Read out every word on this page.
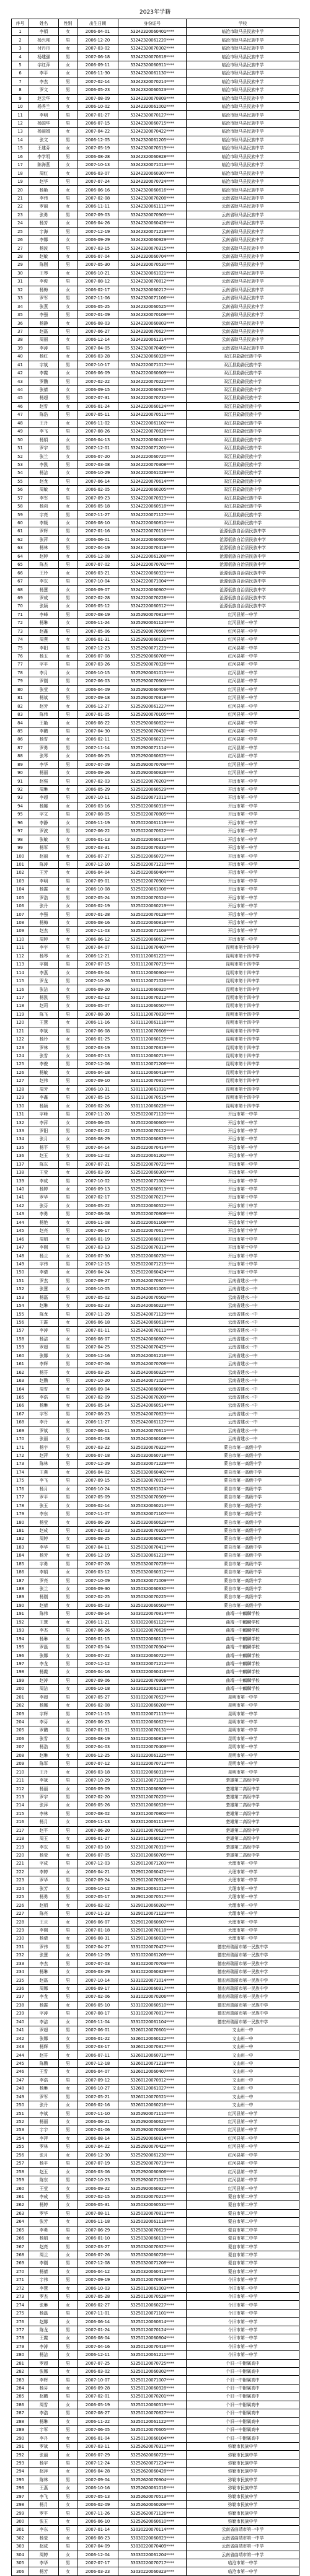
2023年学籍
序号	姓名	性别	出生日期	身份证号	学校
1	李娟	女	2006-04-01	53242320060401****	临沧市耿马县民族中学
2	杨兴邦	男	2006-12-20	53242320061220****	临沧市耿马县民族中学
3	付丹丹	女	2007-03-02	53242320070302****	临沧市耿马县民族中学
4	杨建强	男	2007-06-18	53242320070618****	临沧市耿马县民族中学
5	字红萍	女	2006-09-11	53242320060911****	临沧市耿马县民族中学
6	李平	女	2006-11-30	53242320061130****	临沧市耿马县民族中学
7	李杰	男	2007-02-14	53242320070214****	临沧市耿马县民族中学
8	罗文	男	2006-05-23	53242320060523****	临沧市耿马县民族中学
9	赵云华	女	2007-08-09	53242320070809****	临沧市耿马县民族中学
10	杨秀兰	女	2006-10-02	53242320061002****	临沧市耿马县民族中学
11	李明	男	2007-01-27	53242320070127****	临沧市耿马县民族中学
12	杨国华	男	2006-07-15	53242320060715****	临沧市耿马县民族中学
13	杨丽娟	女	2007-04-22	53242320070422****	临沧市耿马县民族中学
14	张文	男	2006-12-05	53242320061205****	临沧市耿马县民族中学
15	王建芬	女	2007-05-19	53242320070519****	临沧市耿马县民族中学
16	李学明	男	2006-08-28	53242320060828****	临沧市耿马县民族中学
17	陈海燕	女	2007-10-13	53242320071013****	临沧市耿马县民族中学
18	周红	女	2006-03-07	53242320060307****	临沧市耿马县民族中学
19	赵华	男	2007-07-24	53242320070724****	临沧市耿马县民族中学
20	杨艳	女	2006-06-16	53242320060616****	临沧市耿马县民族中学
21	李伟	男	2007-02-08	53242320070208****	云南省耿马县民族中学
22	罗丽	女	2006-11-11	53242320061111****	云南省耿马县民族中学
23	张勇	男	2007-09-03	53242320070903****	云南省耿马县民族中学
24	杨芳	女	2006-04-26	53242320060426****	云南省耿马县民族中学
25	字海	男	2007-12-19	53242320071219****	云南省耿马县民族中学
26	李娜	女	2006-09-29	53242320060929****	云南省耿马县民族中学
27	杨波	男	2007-03-15	53242320070315****	云南省耿马县民族中学
28	赵敏	女	2006-07-04	53242320060704****	云南省耿马县民族中学
29	陈刚	男	2007-05-30	53242320070530****	云南省耿马县民族中学
30	王琴	女	2006-10-21	53242320061021****	云南省耿马县民族中学
31	李俊	男	2007-08-12	53242320070812****	云南省耿马县民族中学
32	杨梅	女	2006-02-17	53242320060217****	云南省耿马县民族中学
33	罗军	男	2007-11-06	53242320071106****	云南省耿马县民族中学
34	张燕	女	2006-05-25	53242320060525****	云南省耿马县民族中学
35	李强	男	2007-01-09	53242320070109****	云南省耿马县民族中学
36	杨静	女	2006-08-03	53242320060803****	云南省耿马县民族中学
37	赵磊	男	2007-06-27	53242320070627****	云南省耿马县民族中学
38	周丽	女	2006-12-14	53242320061214****	云南省耿马县民族中学
39	李涛	男	2007-04-05	53242320070405****	云南省耿马县民族中学
40	杨红	女	2006-03-28	53242320060328****	双江县勐勐民族中学
41	字斌	男	2007-10-17	53242220071017****	双江县勐勐民族中学
42	李霞	女	2006-06-09	53242220060609****	双江县勐勐民族中学
43	罗鹏	男	2007-02-22	53242220070222****	双江县勐勐民族中学
44	张倩	女	2006-09-15	53242220060915****	双江县勐勐民族中学
45	杨超	男	2007-07-31	53242220070731****	双江县勐勐民族中学
46	赵雪	女	2006-01-24	53242220060124****	双江县勐勐民族中学
47	陈浩	男	2007-05-11	53242220070511****	双江县勐勐民族中学
48	王丹	女	2006-11-02	53242220061102****	双江县勐勐民族中学
49	李飞	男	2007-08-26	53242220070826****	双江县勐勐民族中学
50	杨娟	女	2006-04-13	53242220060413****	双江县勐勐民族中学
51	罗宇	男	2007-12-01	53242220071201****	双江县勐勐民族中学
52	张兰	女	2006-07-20	53242220060720****	双江县勐勐民族中学
53	李凯	男	2007-03-08	53242220070308****	双江县勐勐民族中学
54	杨洁	女	2006-10-29	53242220061029****	双江县勐勐民族中学
55	赵龙	男	2007-06-14	53242220070614****	双江县勐勐民族中学
56	周敏	女	2006-02-05	53242220060205****	双江县勐勐民族中学
57	李军	男	2007-09-23	53242220070923****	双江县勐勐民族中学
58	杨莉	女	2006-05-18	53242220060518****	双江县勐勐民族中学
59	字亮	男	2007-11-27	53242220071127****	双江县勐勐民族中学
60	李媛	女	2006-08-10	53242220060810****	双江县勐勐民族中学
61	罗辉	男	2007-01-16	53242220070116****	沧源佤族自治县民族中学
62	张萍	女	2006-06-01	53242220060601****	沧源佤族自治县民族中学
63	杨林	男	2007-04-19	53242220070419****	沧源佤族自治县民族中学
64	赵婷	女	2006-12-08	53242220061208****	沧源佤族自治县民族中学
65	陈杰	男	2007-07-02	53242220070702****	沧源佤族自治县民族中学
66	王玲	女	2006-03-21	53242220060321****	沧源佤族自治县民族中学
67	李东	男	2007-10-04	53242220071004****	沧源佤族自治县民族中学
68	杨慧	女	2006-09-07	53242220060907****	沧源佤族自治县民族中学
69	罗成	男	2007-02-28	53242220070228****	沧源佤族自治县民族中学
70	张颖	女	2006-05-12	53242220060512****	沧源佤族自治县民族中学
71	李峰	男	2007-08-19	53252920070819****	红河县第一中学
72	杨琳	女	2006-11-24	53252920061124****	红河县第一中学
73	赵鑫	男	2007-05-06	53252920070506****	红河县第一中学
74	周燕	女	2006-01-31	53252920060131****	红河县第一中学
75	李阳	男	2007-12-23	53252920071223****	红河县第一中学
76	杨玉	女	2006-07-08	53252920060708****	红河县第一中学
77	字平	男	2007-03-26	53252920070326****	红河县第一中学
78	李月	女	2006-10-15	53252920061015****	红河县第一中学
79	罗刚	男	2007-06-03	53252920070603****	红河县第一中学
80	张莹	女	2006-04-09	53252920060409****	红河县第一中学
81	杨斌	男	2007-09-18	53252920070918****	红河县第一中学
82	赵芳	女	2006-12-27	53252920061227****	红河县第一中学
83	陈伟	男	2007-01-05	53252920070105****	红河县第一中学
84	王艳	女	2006-08-22	53252920060822****	红河县第一中学
85	李鹏	男	2007-04-30	53252920070430****	红河县第一中学
86	杨雪	女	2006-02-11	53252920060211****	红河县第一中学
87	罗勇	男	2007-11-14	53252920071114****	红河县第一中学
88	张琴	女	2006-06-25	53252920060625****	红河县第一中学
89	李华	男	2007-07-09	53252920070709****	红河县第一中学
90	杨丽	女	2006-09-26	53252920060926****	红河县第一中学
91	赵强	男	2007-02-03	53250220070203****	开远市第一中学
92	周琳	女	2006-05-29	53250220060529****	开远市第一中学
93	李超	男	2007-10-11	53250220071011****	开远市第一中学
94	杨娜	女	2006-03-16	53250220060316****	开远市第一中学
95	字文	男	2007-08-05	53250220070805****	开远市第一中学
96	李静	女	2006-11-19	53250220061119****	开远市第一中学
97	罗波	男	2007-06-22	53250220070622****	开远市第一中学
98	张敏	女	2006-01-13	53250220060113****	开远市第一中学
99	杨军	男	2007-03-31	53250220070331****	开远市第一中学
100	赵丽	女	2006-07-27	53250220060727****	开远市第一中学
101	陈涛	男	2007-12-10	53250220071210****	开远市第一中学
102	王芳	女	2006-04-04	53250220060404****	开远市第一中学
103	李明	男	2007-09-01	53250220070901****	开远市第一中学
104	杨霞	女	2006-10-08	53250220061008****	开远市第一中学
105	罗浩	男	2007-05-24	53250220070524****	开远市第一中学
106	张丹	女	2006-02-19	53250220060219****	开远市第一中学
107	李强	男	2007-01-28	53250220070128****	开远市第一中学
108	杨梅	女	2006-08-16	53250220060816****	开远市第一中学
109	赵杰	男	2007-11-03	53250220071103****	开远市第一中学
110	周婷	女	2006-06-12	53250220060612****	开远市第一中学
111	李宇	男	2007-04-07	53011120070407****	昆明市第十四中学
112	杨琴	女	2006-12-21	53011120061221****	昆明市第十四中学
113	字刚	男	2007-07-15	53011120070715****	昆明市第十四中学
114	李燕	女	2006-03-04	53011120060304****	昆明市第十四中学
115	罗龙	男	2007-10-26	53011120071026****	昆明市第十四中学
116	张洁	女	2006-09-20	53011120060920****	昆明市第十四中学
117	杨凯	男	2007-02-12	53011120070212****	昆明市第十四中学
118	赵莉	女	2006-05-07	53011120060507****	昆明市第十四中学
119	陈飞	男	2007-08-30	53011120070830****	昆明市第十四中学
120	王慧	女	2006-11-16	53011120061116****	昆明市第十四中学
121	李斌	男	2007-06-08	53011120070608****	昆明市第十四中学
122	杨玲	女	2006-01-25	53011120060125****	昆明市第十四中学
123	罗林	男	2007-03-19	53011120070319****	昆明市第十四中学
124	张雪	女	2006-07-13	53011120060713****	昆明市第十四中学
125	李俊	男	2007-12-06	53011120071206****	昆明市第十四中学
126	杨敏	女	2006-04-18	53011120060418****	昆明市第十四中学
127	赵伟	男	2007-09-10	53011120070910****	昆明市第十四中学
128	周芳	女	2006-10-31	53011120061031****	昆明市第十四中学
129	李鑫	男	2007-05-15	53011120070515****	昆明市第十四中学
130	杨颖	女	2006-02-26	53011120060226****	昆明市第十四中学
131	字峰	男	2007-11-20	53250220071120****	开远市第一中学
132	李萍	女	2006-06-05	53250220060605****	开远市第一中学
133	罗阳	男	2007-01-22	53250220070122****	开远市第一中学
134	张月	女	2006-08-29	53250220060829****	开远市第一中学
135	杨平	男	2007-04-14	53250220070414****	开远市第一中学
136	赵玉	女	2006-12-02	53250220061202****	开远市第一中学
137	陈东	男	2007-07-21	53250220070721****	开远市第一中学
138	王莹	女	2006-03-09	53250220060309****	开远市第一中学
139	李成	男	2007-10-02	53250220071002****	开远市第一中学
140	杨婷	女	2006-09-13	53250220060913****	开远市第一中学
141	罗华	男	2007-02-17	53250220070217****	开远市第十中学
142	张芬	女	2006-05-22	53250220060522****	开远市第十中学
143	李勇	男	2007-08-08	53250220070808****	开远市第十中学
144	杨艳	女	2006-11-08	53250220061108****	开远市第十中学
145	赵亮	男	2007-06-17	53250220070617****	开远市第十中学
146	周娟	女	2006-01-19	53250220060119****	开远市第十中学
147	李刚	男	2007-03-13	53250220070313****	开远市第十中学
148	杨兰	女	2006-07-30	53250220060730****	开远市第十中学
149	字伟	男	2007-12-15	53250220071215****	开远市第十中学
150	李倩	女	2006-04-24	53250220060424****	开远市第十中学
151	罗杰	男	2007-09-27	53252420070927****	云南省建水一中
152	张慧	女	2006-10-05	53252420061005****	云南省建水一中
153	杨磊	男	2007-05-02	53252420070502****	云南省建水一中
154	赵琳	女	2006-02-23	53252420060223****	云南省建水一中
155	陈龙	男	2007-11-29	53252420071129****	云南省建水一中
156	王霞	女	2006-06-18	53252420060618****	云南省建水一中
157	李涛	男	2007-01-11	53252420070111****	云南省建水一中
158	杨洁	女	2006-08-07	53252420060807****	云南省建水一中
159	罗超	男	2007-04-25	53252420070425****	云南省建水一中
160	张娜	女	2006-12-16	53252420061216****	云南省建水一中
161	李辉	男	2007-07-06	53252420070706****	云南省建水一中
162	杨芬	女	2006-03-25	53252420060325****	云南省建水一中
163	赵鹏	男	2007-10-20	53252420071020****	云南省建水一中
164	周雪	女	2006-09-04	53252420060904****	云南省建水一中
165	李浩	男	2007-02-09	53252420070209****	云南省建水一中
166	杨琳	女	2006-05-14	53252420060514****	云南省建水一中
167	字军	男	2007-08-23	53252420070823****	云南省建水一中
168	李丹	女	2006-11-27	53252420061127****	云南省建水一中
169	罗斌	男	2007-06-11	53252420070611****	云南省建水一中
170	张丽	女	2006-01-08	53252420060108****	云南省建水一中
171	杨宇	男	2007-03-22	53250320070322****	蒙自市第一高级中学
172	赵萍	女	2006-07-18	53250320060718****	蒙自市第一高级中学
173	陈林	男	2007-12-29	53250320071229****	蒙自市第一高级中学
174	王燕	女	2006-04-02	53250320060402****	蒙自市第一高级中学
175	李飞	男	2007-09-15	53250320070915****	蒙自市第一高级中学
176	杨月	女	2006-10-24	53250320061024****	蒙自市第一高级中学
177	罗平	男	2007-05-09	53250320070509****	蒙自市第一高级中学
178	张玉	女	2006-02-14	53250320060214****	蒙自市第一高级中学
179	李东	男	2007-11-07	53250320071107****	蒙自市第一高级中学
180	杨莹	女	2006-06-29	53250320060629****	蒙自市第一高级中学
181	赵成	男	2007-01-03	53250320070103****	蒙自市第一高级中学
182	周婷	女	2006-08-25	53250320060825****	蒙自市第一高级中学
183	李华	男	2007-04-11	53250320070411****	蒙自市第一高级中学
184	杨芳	女	2006-12-19	53250320061219****	蒙自市第一高级中学
185	字勇	男	2007-07-28	53250320070728****	蒙自市第一高级中学
186	李娟	女	2006-03-12	53250320060312****	蒙自市第一高级中学
187	罗亮	男	2007-10-09	53250320071009****	蒙自市第一高级中学
188	张兰	女	2006-09-30	53250320060930****	蒙自市第一高级中学
189	杨刚	男	2007-02-25	53250320070225****	蒙自市第一高级中学
190	赵倩	女	2006-05-03	53250320060503****	蒙自市第一高级中学
191	陈伟	男	2007-08-14	53030220070814****	曲靖一中麒麟学校
192	王慧	女	2006-11-21	53030220061121****	曲靖一中麒麟学校
193	李杰	男	2007-06-26	53030220070626****	曲靖一中麒麟学校
194	杨琳	女	2006-01-15	53030220060115****	曲靖一中麒麟学校
195	罗磊	男	2007-03-04	53030220070304****	曲靖一中麒麟学校
196	张娜	女	2006-07-22	53030220060722****	曲靖一中麒麟学校
197	李龙	男	2007-12-12	53030220071212****	曲靖一中麒麟学校
198	杨霞	女	2006-04-16	53030220060416****	曲靖一中麒麟学校
199	赵涛	男	2007-09-06	53030220070906****	曲靖一中麒麟学校
200	周洁	女	2006-10-18	53030220061018****	曲靖一中麒麟学校
201	李超	男	2007-05-27	53010220070527****	昆明市第一中学
202	杨娜	女	2006-02-08	53010220060208****	昆明市第一中学
203	字辉	男	2007-11-15	53010220071115****	昆明市第一中学
204	李芬	女	2006-06-23	53010220060623****	昆明市第一中学
205	罗鹏	男	2007-01-31	53010220070131****	昆明市第一中学
206	张雪	女	2006-08-19	53010220060819****	昆明市第一中学
207	杨浩	男	2007-04-03	53010220070403****	昆明市第一中学
208	赵琳	女	2006-12-25	53010220061225****	昆明市第一中学
209	陈军	男	2007-07-12	53010220070712****	昆明市第一中学
210	王丹	女	2006-03-18	53010220060318****	昆明市第一中学
211	李斌	男	2007-10-29	53230120071029****	楚雄第二高级中学
212	杨丽	女	2006-09-09	53230120060909****	楚雄第二高级中学
213	罗宇	男	2007-02-20	53230120070220****	楚雄第二高级中学
214	张萍	女	2006-05-26	53230120060526****	楚雄第二高级中学
215	李林	男	2007-08-02	53230120070802****	楚雄第二高级中学
216	杨月	女	2006-11-13	53230120061113****	楚雄第二高级中学
217	赵平	男	2007-06-20	53230120070620****	楚雄第二高级中学
218	周玉	女	2006-01-27	53230120060127****	楚雄第二高级中学
219	李东	男	2007-03-10	53230120070310****	楚雄第二高级中学
220	杨莹	女	2006-07-05	53230120060705****	楚雄第二高级中学
221	字成	男	2007-12-03	53290120071203****	大理市第一中学
222	李婷	女	2006-04-21	53290120060421****	大理市第一中学
223	罗华	男	2007-09-24	53290120070924****	大理市第一中学
224	张芳	女	2006-10-12	53290120061012****	大理市第一中学
225	杨勇	男	2007-05-17	53290120070517****	大理市第一中学
226	赵娟	女	2006-02-02	53290120060202****	大理市第一中学
227	陈亮	男	2007-11-23	53290120071123****	大理市第一中学
228	王兰	女	2006-06-07	53290120060607****	大理市第一中学
229	李刚	男	2007-01-18	53290120070118****	大理市第一中学
230	杨倩	女	2006-08-31	53290120060831****	大理市第一中学
231	罗伟	男	2007-04-27	53310220070427****	德宏州瑞丽市第一民族中学
232	张慧	女	2006-12-09	53310220061209****	德宏州瑞丽市第一民族中学
233	李杰	男	2007-07-03	53310220070703****	德宏州瑞丽市第一民族中学
234	杨琳	女	2006-03-29	53310220060329****	德宏州瑞丽市第一民族中学
235	赵磊	男	2007-10-14	53310220071014****	德宏州瑞丽市第一民族中学
236	周娜	女	2006-09-17	53310220060917****	德宏州瑞丽市第一民族中学
237	李龙	男	2007-02-06	53310220070206****	德宏州瑞丽市第一民族中学
238	杨霞	女	2006-05-10	53310220060510****	德宏州瑞丽市第一民族中学
239	字涛	男	2007-08-17	53310220070817****	德宏州瑞丽市第一民族中学
240	李洁	女	2006-11-04	53310220061104****	德宏州瑞丽市第一民族中学
241	罗超	男	2007-06-01	53260120070601****	文山州一中
242	张娜	女	2006-01-22	53260120060122****	文山州一中
243	杨辉	男	2007-03-17	53260120070317****	文山州一中
244	赵芬	女	2006-07-11	53260120060711****	文山州一中
245	陈鹏	男	2007-12-18	53260120071218****	文山州一中
246	王雪	女	2006-04-07	53260120060407****	文山州一中
247	李浩	男	2007-09-12	53260120070912****	文山州一中
248	杨琳	女	2006-10-27	53260120061027****	文山州一中
249	罗军	男	2007-05-21	53260120070521****	文山州一中
250	张丹	女	2006-02-16	53260120060216****	文山州一中
251	李斌	男	2007-11-10	53252920071110****	红河县第一中学
252	杨丽	女	2006-06-21	53252920060621****	红河县第一中学
253	字宇	男	2007-01-06	53252920070106****	红河县第一中学
254	李萍	女	2006-08-14	53252920060814****	红河县第一中学
255	罗林	男	2007-04-22	53252920070422****	红河县第一中学
256	张月	女	2006-12-30	53252920061230****	红河县第一中学
257	杨平	男	2007-07-19	53252920070719****	红河县第一中学
258	赵玉	女	2006-03-06	53252920060306****	红河县第一中学
259	陈东	男	2007-10-23	53252920071023****	红河县第一中学
260	王莹	女	2006-09-22	53252920060922****	红河县第一中学
261	李成	男	2007-02-15	53250320070215****	蒙自市第二中学
262	杨婷	女	2006-05-31	53250320060531****	蒙自市第二中学
263	罗华	男	2007-08-11	53250320070811****	蒙自市第二中学
264	张芳	女	2006-11-18	53250320061118****	蒙自市第二中学
265	李勇	男	2007-06-29	53250320070629****	蒙自市第二中学
266	杨娟	女	2006-01-10	53250320060110****	蒙自市第二中学
267	赵亮	男	2007-03-27	53250320070327****	蒙自市第二中学
268	周兰	女	2006-07-26	53250320060726****	蒙自市第二中学
269	李刚	男	2007-12-08	53250320071208****	蒙自市第二中学
270	杨倩	女	2006-04-12	53250320060412****	蒙自市第二中学
271	字伟	男	2007-09-19	53250120070919****	个旧市第一中学
272	李慧	女	2006-10-03	53250120061003****	个旧市第一中学
273	罗杰	男	2007-05-28	53250120070528****	个旧市第一中学
274	张琳	女	2006-02-27	53250120060227****	个旧市第一中学
275	杨磊	男	2007-11-01	53250120071101****	个旧市第一中学
276	赵娜	女	2006-06-14	53250120060614****	个旧市第一中学
277	陈龙	男	2007-01-24	53250120070124****	个旧市第一中学
278	王霞	女	2006-08-04	53250120060804****	个旧市第一中学
279	李涛	男	2007-04-16	53250120070416****	个旧市第一中学
280	杨洁	女	2006-12-11	53250120061211****	个旧市第一中学
281	罗超	男	2007-07-25	53250120070725****	个旧一中附属高中
282	张娜	女	2006-03-02	53250120060302****	个旧一中附属高中
283	李辉	男	2007-10-07	53250120071007****	个旧一中附属高中
284	杨芬	女	2006-09-28	53250120060928****	个旧一中附属高中
285	赵鹏	男	2007-02-01	53250120070201****	个旧一中附属高中
286	周雪	女	2006-05-19	53250120060519****	个旧一中附属高中
287	李浩	男	2007-08-27	53250120070827****	个旧一中附属高中
288	杨琳	女	2006-11-22	53250120061122****	个旧一中附属高中
289	字军	男	2007-06-05	53250120070605****	个旧一中附属高中
290	李丹	女	2006-01-04	53250120060104****	个旧一中附属高中
291	罗斌	男	2007-03-11	53252620070311****	弥勒市民族中学
292	张丽	女	2006-07-29	53252620060729****	弥勒市民族中学
293	杨宇	男	2007-12-24	53252620071224****	弥勒市民族中学
294	赵萍	女	2006-04-28	53252620060428****	弥勒市民族中学
295	陈林	男	2007-09-04	53252620070904****	弥勒市民族中学
296	王燕	女	2006-10-16	53252620061016****	弥勒市民族中学
297	李飞	男	2007-05-13	53252620070513****	弥勒市民族中学
298	杨月	女	2006-02-09	53252620060209****	弥勒市民族中学
299	罗平	男	2007-11-26	53252620071126****	弥勒市民族中学
300	张玉	女	2006-06-10	53252620060610****	弥勒市民族中学
301	李东	男	2007-01-14	53030220070114****	云南省曲靖市第一中学
302	杨莹	女	2006-08-23	53030220060823****	云南省曲靖市第一中学
303	赵成	男	2007-04-09	53030220070409****	云南省曲靖市第一中学
304	周婷	女	2006-12-04	53030220061204****	云南省曲靖市第一中学
305	李华	男	2007-07-17	53030220070717****	临沧市第一中学
306	杨芳	女	2006-03-23	53030220060323****	临沧市第一中学
